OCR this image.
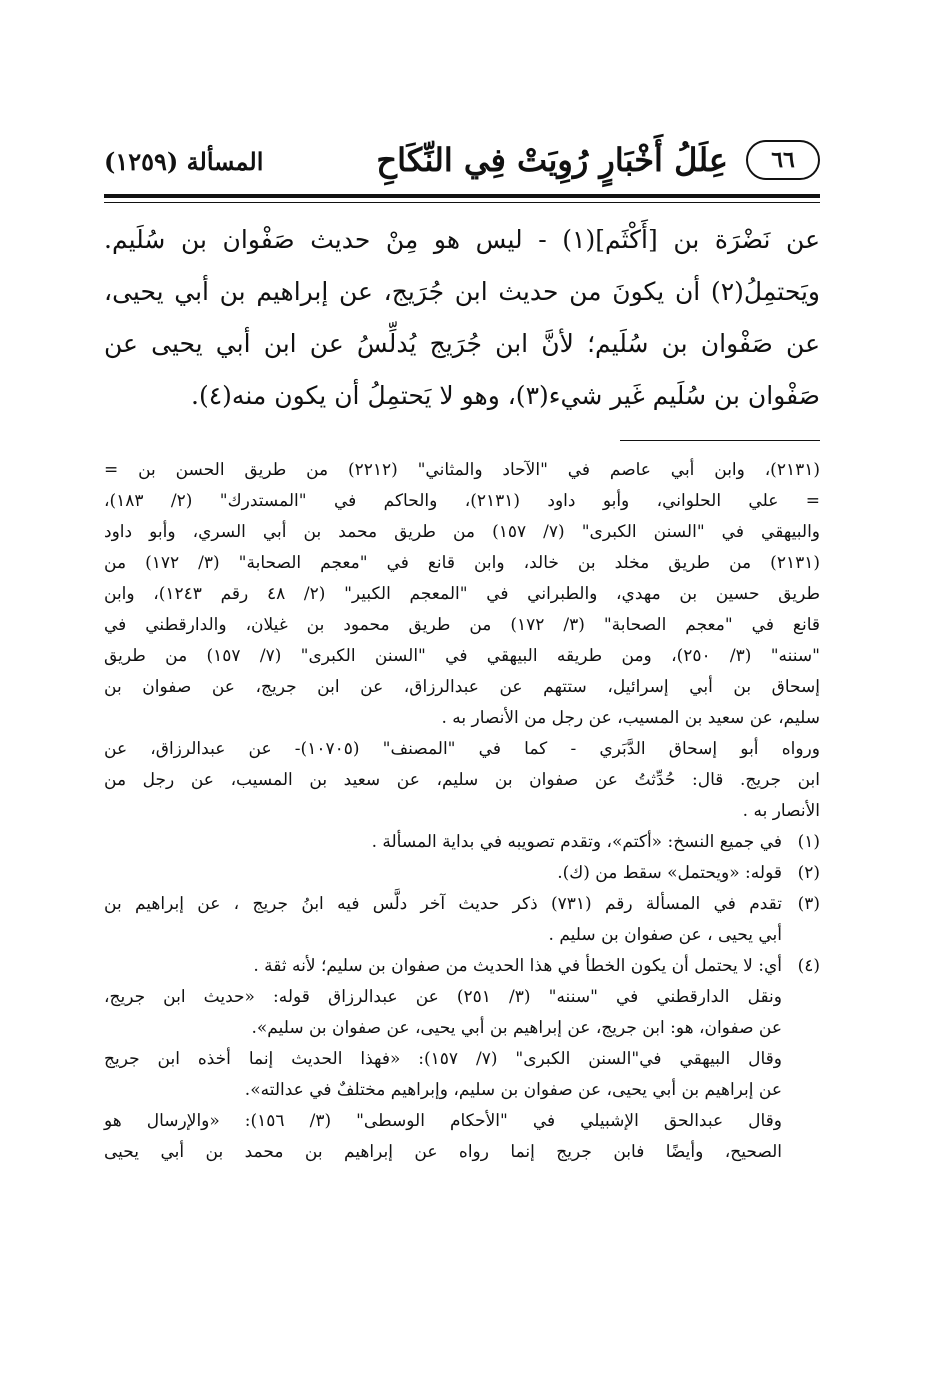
٦٦
عِلَلُ أَخْبَارٍ رُوِيَتْ فِي النِّكَاحِ
المسألة (١٢٥٩)
عن نَضْرَة بن [أَكْثَم](١) - ليس هو مِنْ حديث صَفْوان بن سُلَيم.
ويَحتمِلُ(٢) أن يكونَ من حديث ابن جُرَيج، عن إبراهيم بن أبي يحيى،
عن صَفْوان بن سُلَيم؛ لأنَّ ابن جُرَيج يُدلِّسُ عن ابن أبي يحيى عن
صَفْوان بن سُلَيم غَير شيء(٣)، وهو لا يَحتمِلُ أن يكون منه(٤).
(٢١٣١)، وابن أبي عاصم في "الآحاد والمثاني" (٢٢١٢) من طريق الحسن بن =
= علي الحلواني، وأبو داود (٢١٣١)، والحاكم في "المستدرك" (٢/ ١٨٣)،
والبيهقي في "السنن الكبرى" (٧/ ١٥٧) من طريق محمد بن أبي السري، وأبو داود
(٢١٣١) من طريق مخلد بن خالد، وابن قانع في "معجم الصحابة" (٣/ ١٧٢) من
طريق حسين بن مهدي، والطبراني في "المعجم الكبير" (٢/ ٤٨ رقم ١٢٤٣)، وابن
قانع في "معجم الصحابة" (٣/ ١٧٢) من طريق محمود بن غيلان، والدارقطني في
"سننه" (٣/ ٢٥٠)، ومن طريقه البيهقي في "السنن الكبرى" (٧/ ١٥٧) من طريق
إسحاق بن أبي إسرائيل، ستتهم عن عبدالرزاق، عن ابن جريج، عن صفوان بن
سليم، عن سعيد بن المسيب، عن رجل من الأنصار به .
ورواه أبو إسحاق الدَّبَري - كما في "المصنف" (١٠٧٠٥)- عن عبدالرزاق، عن
ابن جريج. قال: حُدِّثتُ عن صفوان بن سليم، عن سعيد بن المسيب، عن رجل من
الأنصار به .
(١)
في جميع النسخ: «أكتم»، وتقدم تصويبه في بداية المسألة .
(٢)
قوله: «ويحتمل» سقط من (ك).
(٣)
تقدم في المسألة رقم (٧٣١) ذكر حديث آخر دلَّس فيه ابنُ جريج ، عن إبراهيم بن
أبي يحيى ، عن صفوان بن سليم .
(٤)
أي: لا يحتمل أن يكون الخطأ في هذا الحديث من صفوان بن سليم؛ لأنه ثقة .
ونقل الدارقطني في "سننه" (٣/ ٢٥١) عن عبدالرزاق قوله: «حديث ابن جريج،
عن صفوان، هو: ابن جريج، عن إبراهيم بن أبي يحيى، عن صفوان بن سليم».
وقال البيهقي في"السنن الكبرى" (٧/ ١٥٧): «فهذا الحديث إنما أخذه ابن جريج
عن إبراهيم بن أبي يحيى، عن صفوان بن سليم، وإبراهيم مختلفٌ في عدالته».
وقال عبدالحق الإشبيلي في "الأحكام الوسطى" (٣/ ١٥٦): «والإرسال هو
الصحيح، وأيضًا فابن جريج إنما رواه عن إبراهيم بن محمد بن أبي يحيى
